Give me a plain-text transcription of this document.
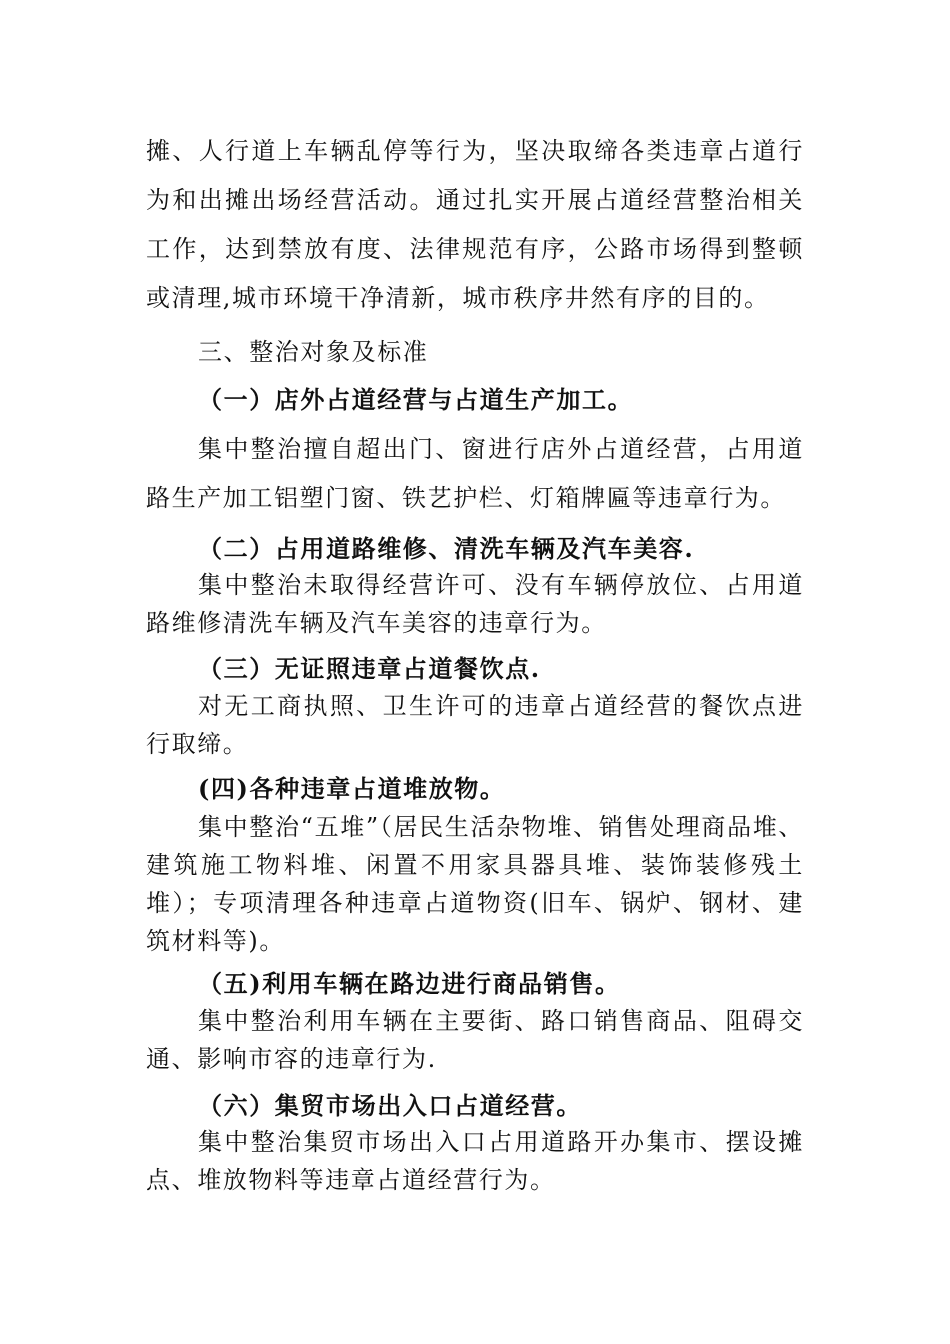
摊、人行道上车辆乱停等行为，坚决取缔各类违章占道行为和出摊出场经营活动。通过扎实开展占道经营整治相关工作，达到禁放有度、法律规范有序，公路市场得到整顿或清理,城市环境干净清新，城市秩序井然有序的目的。

三、整治对象及标准

（一）店外占道经营与占道生产加工。

集中整治擅自超出门、窗进行店外占道经营，占用道路生产加工铝塑门窗、铁艺护栏、灯箱牌匾等违章行为。

（二）占用道路维修、清洗车辆及汽车美容.

集中整治未取得经营许可、没有车辆停放位、占用道路维修清洗车辆及汽车美容的违章行为。

（三）无证照违章占道餐饮点.

对无工商执照、卫生许可的违章占道经营的餐饮点进行取缔。

(四)各种违章占道堆放物。

集中整治“五堆”（居民生活杂物堆、销售处理商品堆、建筑施工物料堆、闲置不用家具器具堆、装饰装修残土堆）；专项清理各种违章占道物资(旧车、锅炉、钢材、建筑材料等)。

（五)利用车辆在路边进行商品销售。

集中整治利用车辆在主要街、路口销售商品、阻碍交通、影响市容的违章行为.

（六）集贸市场出入口占道经营。

集中整治集贸市场出入口占用道路开办集市、摆设摊点、堆放物料等违章占道经营行为。
